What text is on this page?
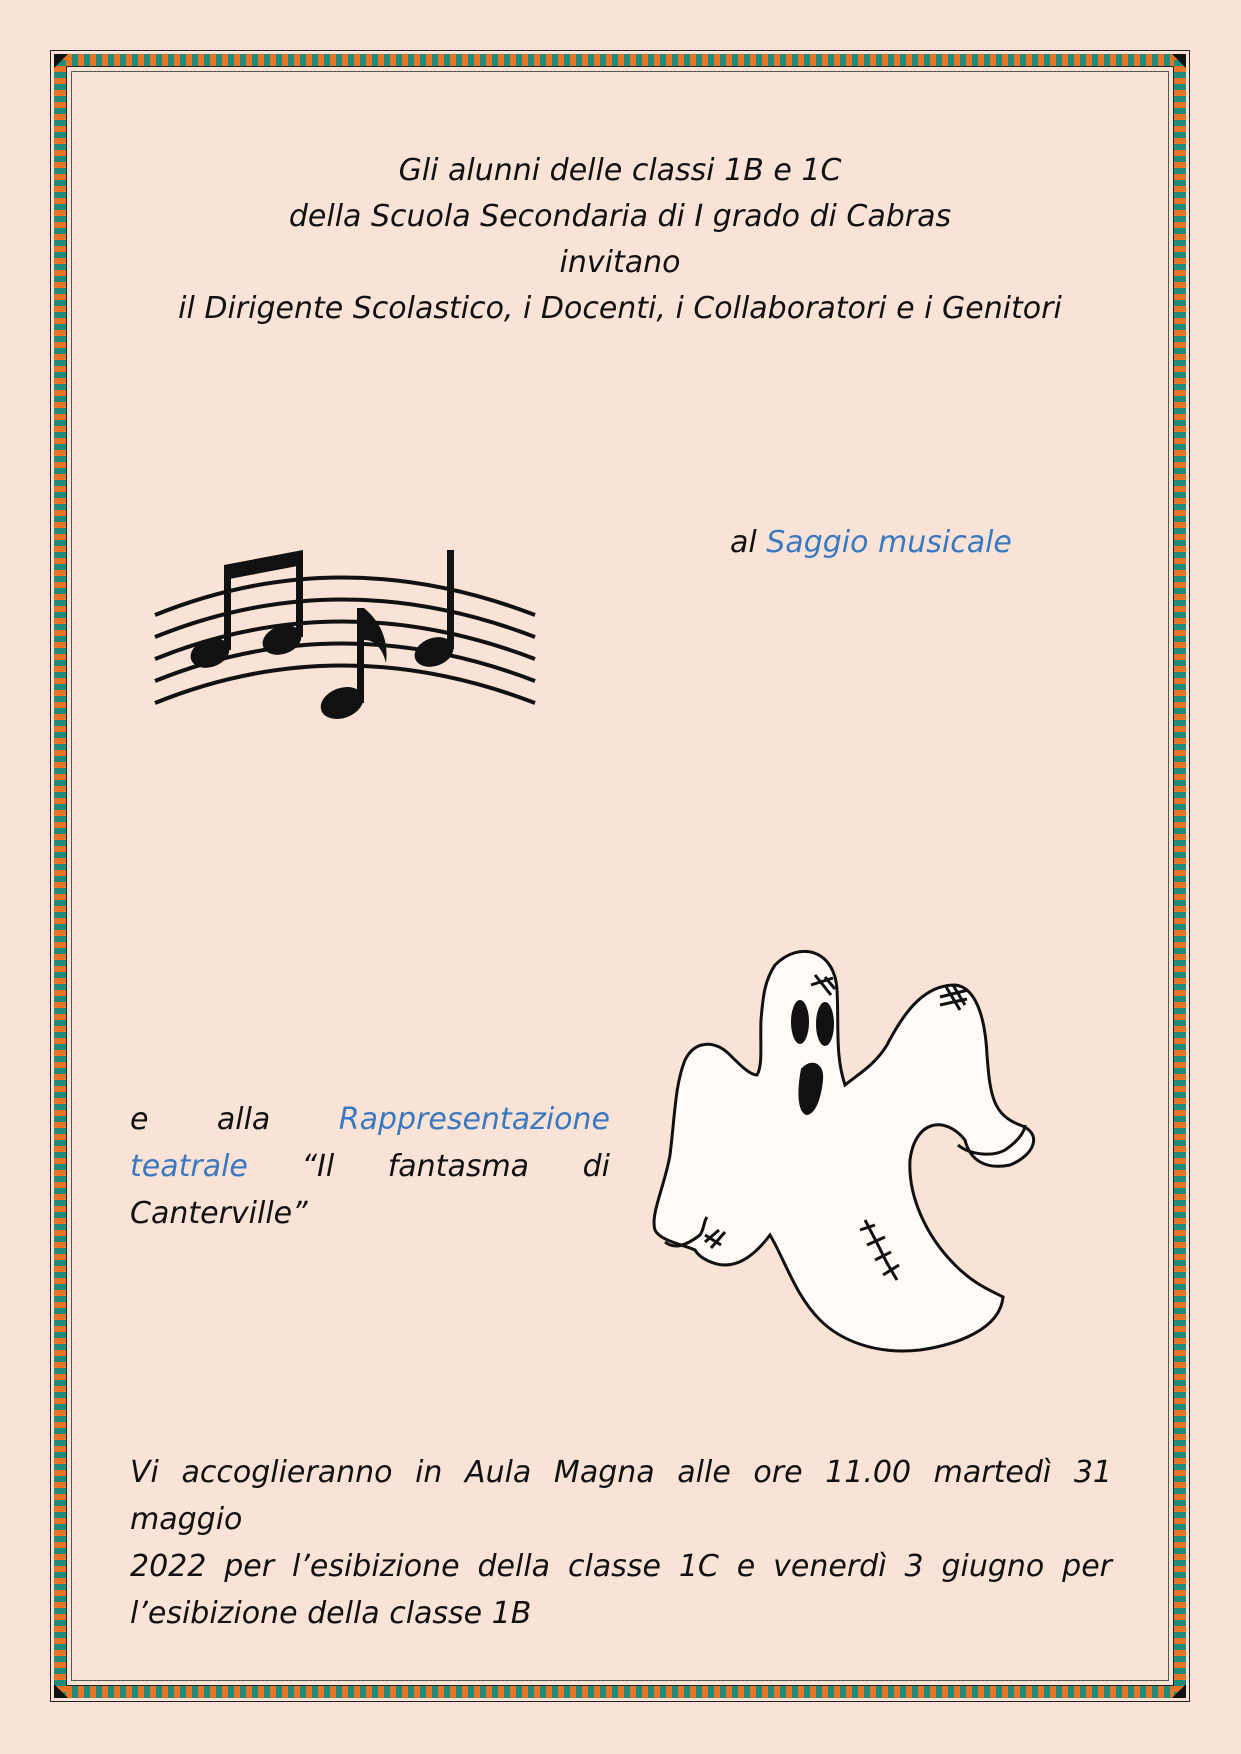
Gli alunni delle classi 1B e 1C
della Scuola Secondaria di I grado di Cabras
invitano
il Dirigente Scolastico, i Docenti, i Collaboratori e i Genitori
al Saggio musicale
e alla Rappresentazione
teatrale “Il fantasma di
Canterville”
Vi accoglieranno in Aula Magna alle ore 11.00 martedì 31 maggio
2022 per l’esibizione della classe 1C e venerdì 3 giugno per
l’esibizione della classe 1B
